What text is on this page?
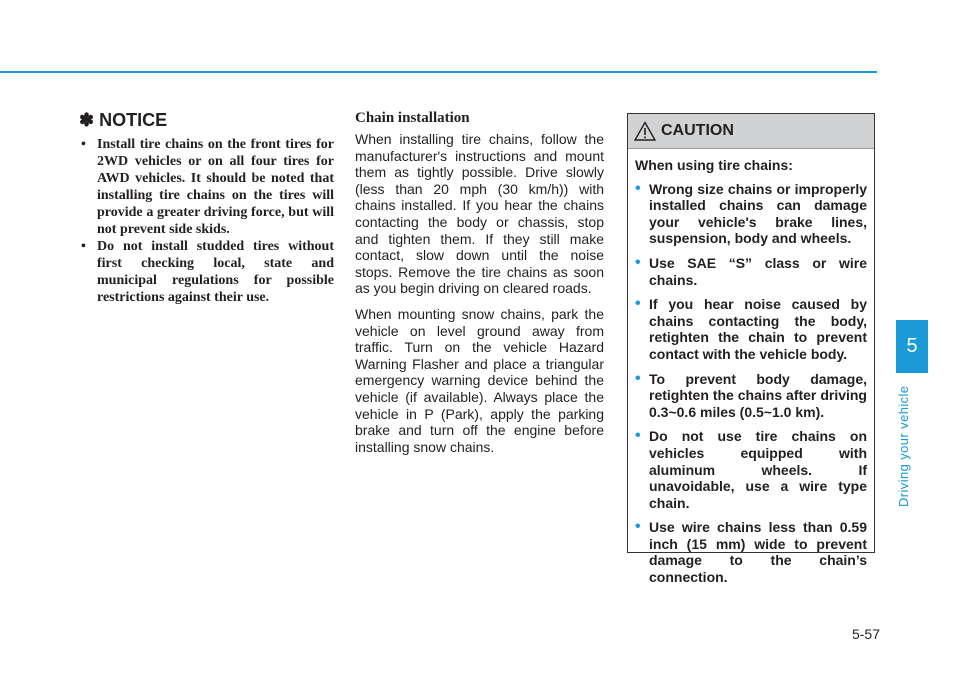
5
Driving your vehicle
5-57
✽ NOTICE
• Install tire chains on the front tires for 2WD vehicles or on all four tires for AWD vehicles. It should be noted that installing tire chains on the tires will provide a greater driving force, but will not prevent side skids.
• Do not install studded tires without first checking local, state and municipal regulations for possible restrictions against their use.
Chain installation

When installing tire chains, follow the manufacturer's instructions and mount them as tightly possible. Drive slowly (less than 20 mph (30 km/h)) with chains installed. If you hear the chains contacting the body or chassis, stop and tighten them. If they still make contact, slow down until the noise stops. Remove the tire chains as soon as you begin driving on cleared roads.

When mounting snow chains, park the vehicle on level ground away from traffic. Turn on the vehicle Hazard Warning Flasher and place a triangular emergency warning device behind the vehicle (if available). Always place the vehicle in P (Park), apply the parking brake and turn off the engine before installing snow chains.

CAUTION

When using tire chains:

• Wrong size chains or improperly installed chains can damage your vehicle's brake lines, suspension, body and wheels.
• Use SAE “S” class or wire chains.
• If you hear noise caused by chains contacting the body, retighten the chain to prevent contact with the vehicle body.
• To prevent body damage, retighten the chains after driving 0.3~0.6 miles (0.5~1.0 km).
• Do not use tire chains on vehicles equipped with aluminum wheels. If unavoidable, use a wire type chain.
• Use wire chains less than 0.59 inch (15 mm) wide to prevent damage to the chain’s connection.
